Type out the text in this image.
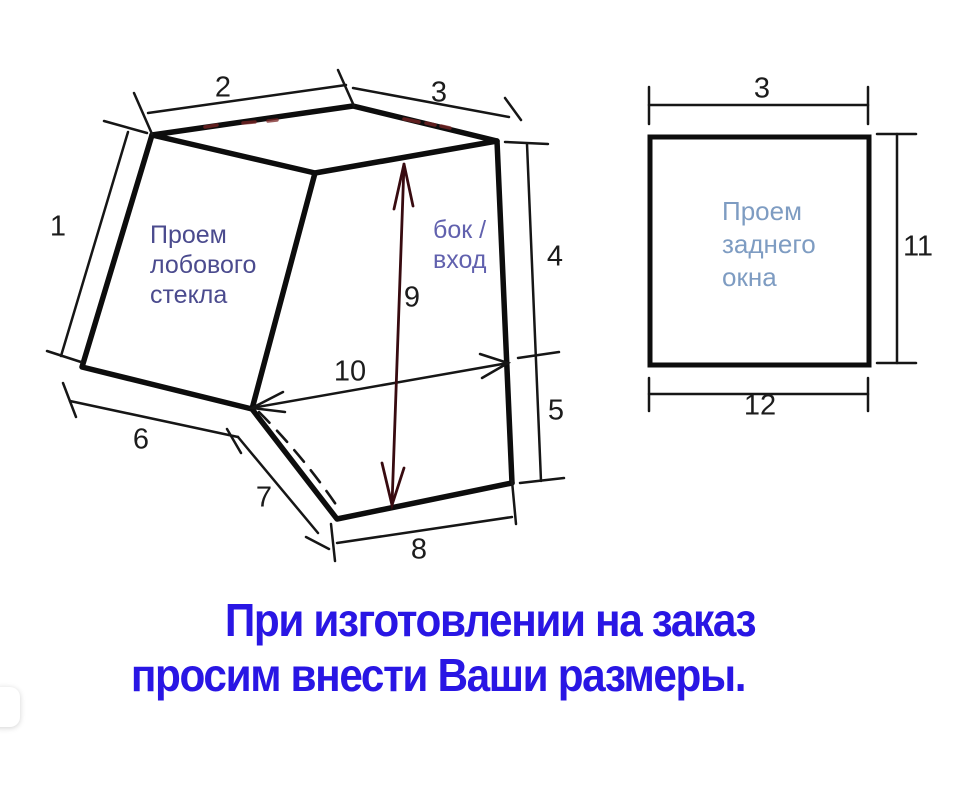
1
2	3
4
5
6
7
8
9
10
3
11
12
Проем
лобового
стекла
бок /
вход
Проем
заднего
окна
При изготовлении на заказ
просим внести Ваши размеры.
